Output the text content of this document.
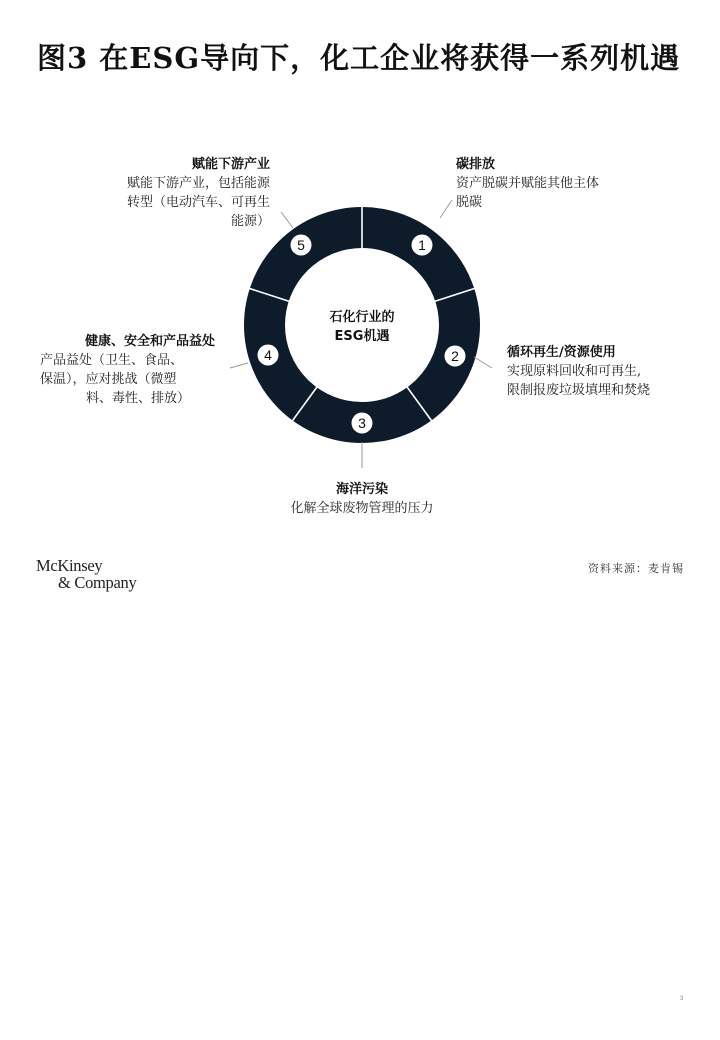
图3 在ESG导向下，化工企业将获得一系列机遇
1
2
3
4
5
石化行业的
ESG机遇
赋能下游产业
赋能下游产业，包括能源
转型（电动汽车、可再生
能源）
碳排放
资产脱碳并赋能其他主体
脱碳
循环再生/资源使用
实现原料回收和可再生,
限制报废垃圾填埋和焚烧
海洋污染
化解全球废物管理的压力
健康、安全和产品益处
产品益处（卫生、食品、
保温），应对挑战（微塑
料、毒性、排放）
McKinsey
& Company
资料来源：麦肯锡
3
